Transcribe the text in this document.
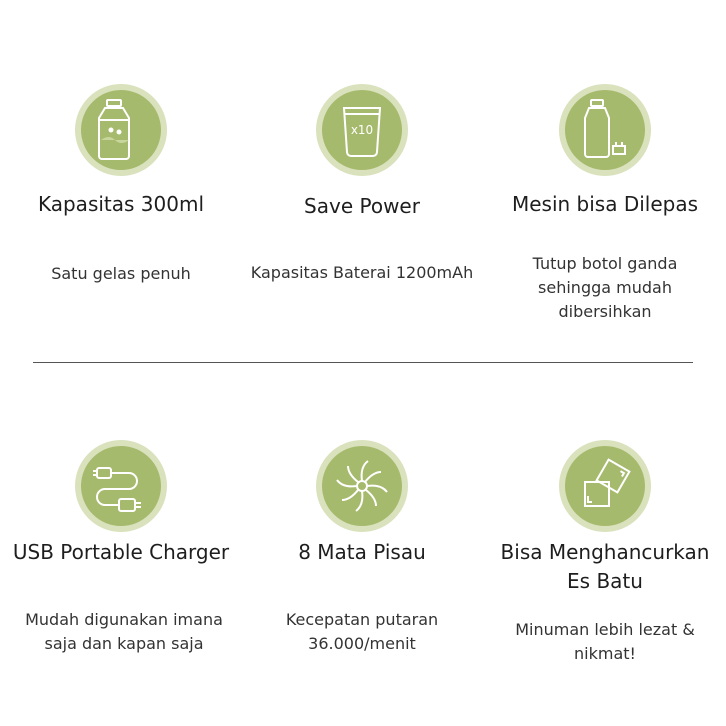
Kapasitas 300ml
Satu gelas penuh
x10
Save Power
Kapasitas Baterai 1200mAh
Mesin bisa Dilepas
Tutup botol ganda sehingga mudah dibersihkan
USB Portable Charger
Mudah digunakan imana saja dan kapan saja
8 Mata Pisau
Kecepatan putaran 36.000/menit
Bisa Menghancurkan Es Batu
Minuman lebih lezat & nikmat!
